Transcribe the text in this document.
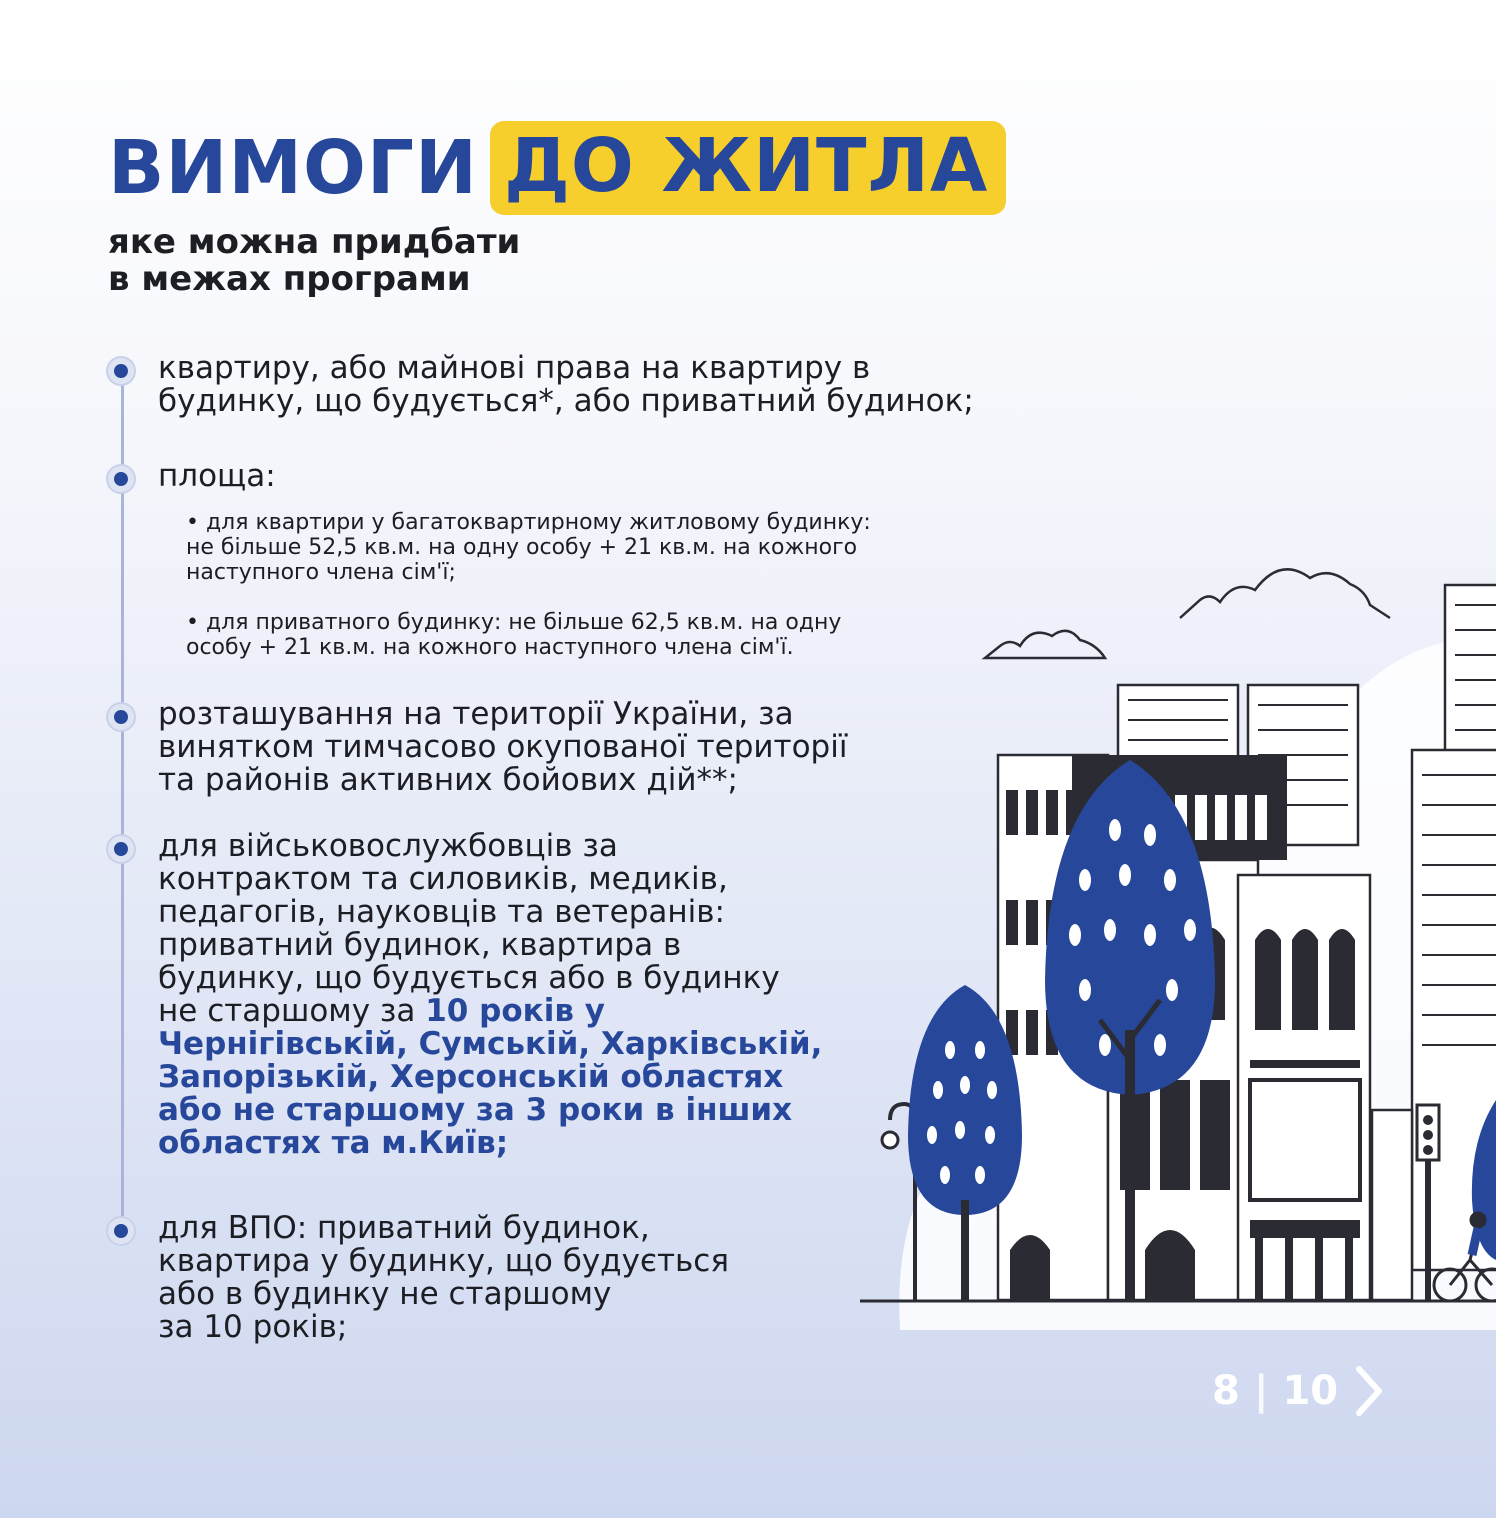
ВИМОГИ ДО ЖИТЛА
яке можна придбати
в межах програми
квартиру, або майнові права на квартиру в
будинку, що будується*, або приватний будинок;
площа:
• для квартири у багатоквартирному житловому будинку:
не більше 52,5 кв.м. на одну особу + 21 кв.м. на кожного
наступного члена сім'ї;
• для приватного будинку: не більше 62,5 кв.м. на одну
особу + 21 кв.м. на кожного наступного члена сім'ї.
розташування на території України, за
винятком тимчасово окупованої території
та районів активних бойових дій**;
для військовослужбовців за
контрактом та силовиків, медиків,
педагогів, науковців та ветеранів:
приватний будинок, квартира в
будинку, що будується або в будинку
не старшому за 10 років у
Чернігівській, Сумській, Харківській,
Запорізькій, Херсонській областях
або не старшому за 3 роки в інших
областях та м.Київ;
для ВПО: приватний будинок,
квартира у будинку, що будується
або в будинку не старшому
за 10 років;
8 | 10
